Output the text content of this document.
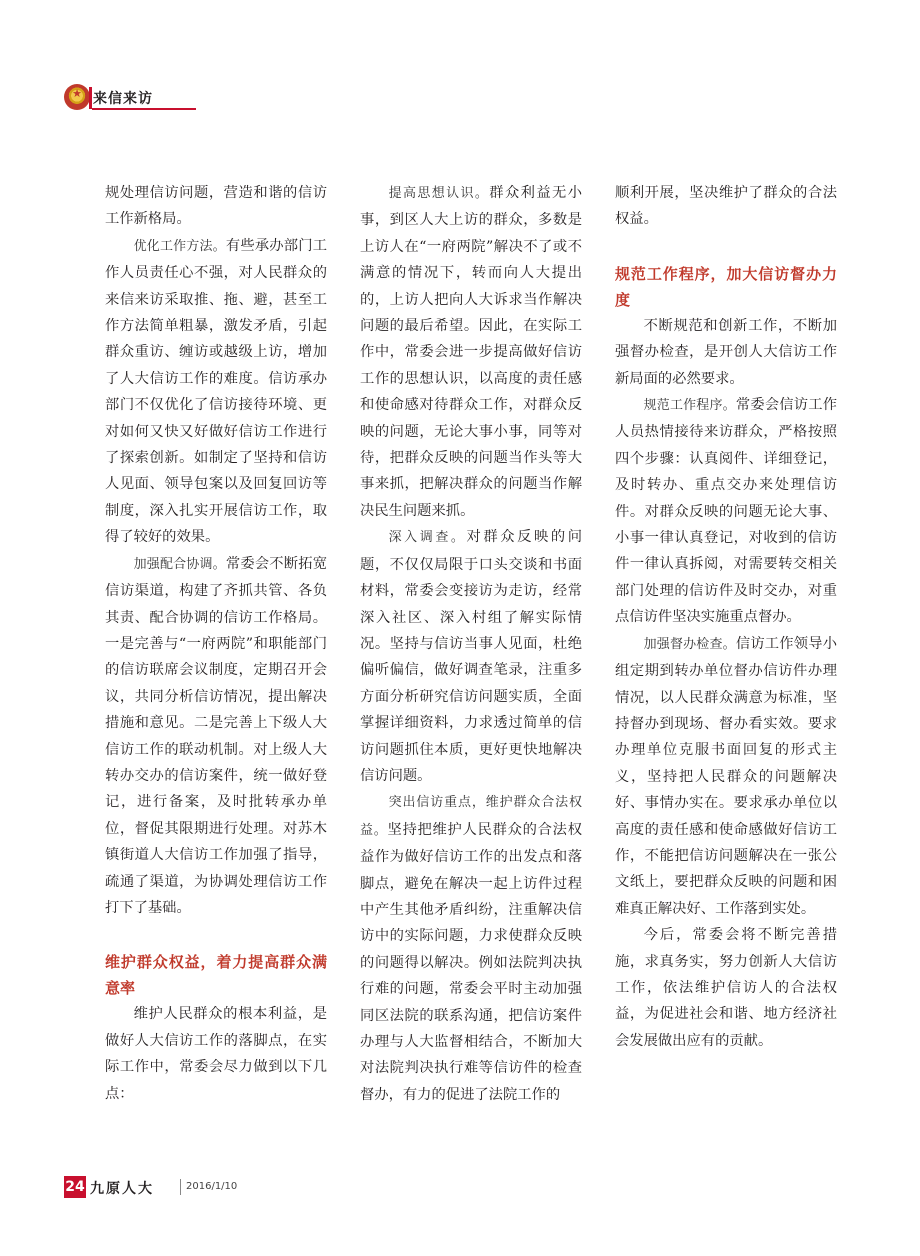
★
来信来访

规处理信访问题，营造和谐的信访工作新格局。

优化工作方法。有些承办部门工作人员责任心不强，对人民群众的来信来访采取推、拖、避，甚至工作方法简单粗暴，激发矛盾，引起群众重访、缠访或越级上访，增加了人大信访工作的难度。信访承办部门不仅优化了信访接待环境、更对如何又快又好做好信访工作进行了探索创新。如制定了坚持和信访人见面、领导包案以及回复回访等制度，深入扎实开展信访工作，取得了较好的效果。

加强配合协调。常委会不断拓宽信访渠道，构建了齐抓共管、各负其责、配合协调的信访工作格局。一是完善与“一府两院”和职能部门的信访联席会议制度，定期召开会议，共同分析信访情况，提出解决措施和意见。二是完善上下级人大信访工作的联动机制。对上级人大转办交办的信访案件，统一做好登记，进行备案，及时批转承办单位，督促其限期进行处理。对苏木镇街道人大信访工作加强了指导，疏通了渠道，为协调处理信访工作打下了基础。

维护群众权益，着力提高群众满意率

维护人民群众的根本利益，是做好人大信访工作的落脚点，在实际工作中，常委会尽力做到以下几点：

提高思想认识。群众利益无小事，到区人大上访的群众，多数是上访人在“一府两院”解决不了或不满意的情况下，转而向人大提出的，上访人把向人大诉求当作解决问题的最后希望。因此，在实际工作中，常委会进一步提高做好信访工作的思想认识，以高度的责任感和使命感对待群众工作，对群众反映的问题，无论大事小事，同等对待，把群众反映的问题当作头等大事来抓，把解决群众的问题当作解决民生问题来抓。

深入调查。对群众反映的问题，不仅仅局限于口头交谈和书面材料，常委会变接访为走访，经常深入社区、深入村组了解实际情况。坚持与信访当事人见面，杜绝偏听偏信，做好调查笔录，注重多方面分析研究信访问题实质，全面掌握详细资料，力求透过简单的信访问题抓住本质，更好更快地解决信访问题。

突出信访重点，维护群众合法权益。坚持把维护人民群众的合法权益作为做好信访工作的出发点和落脚点，避免在解决一起上访件过程中产生其他矛盾纠纷，注重解决信访中的实际问题，力求使群众反映的问题得以解决。例如法院判决执行难的问题，常委会平时主动加强同区法院的联系沟通，把信访案件办理与人大监督相结合，不断加大对法院判决执行难等信访件的检查督办，有力的促进了法院工作的

顺利开展，坚决维护了群众的合法权益。

规范工作程序，加大信访督办力度

不断规范和创新工作，不断加强督办检查，是开创人大信访工作新局面的必然要求。

规范工作程序。常委会信访工作人员热情接待来访群众，严格按照四个步骤：认真阅件、详细登记，及时转办、重点交办来处理信访件。对群众反映的问题无论大事、小事一律认真登记，对收到的信访件一律认真拆阅，对需要转交相关部门处理的信访件及时交办，对重点信访件坚决实施重点督办。

加强督办检查。信访工作领导小组定期到转办单位督办信访件办理情况，以人民群众满意为标准，坚持督办到现场、督办看实效。要求办理单位克服书面回复的形式主义，坚持把人民群众的问题解决好、事情办实在。要求承办单位以高度的责任感和使命感做好信访工作，不能把信访问题解决在一张公文纸上，要把群众反映的问题和困难真正解决好、工作落到实处。

今后，常委会将不断完善措施，求真务实，努力创新人大信访工作，依法维护信访人的合法权益，为促进社会和谐、地方经济社会发展做出应有的贡献。

24 九原人大	2016/1/10
